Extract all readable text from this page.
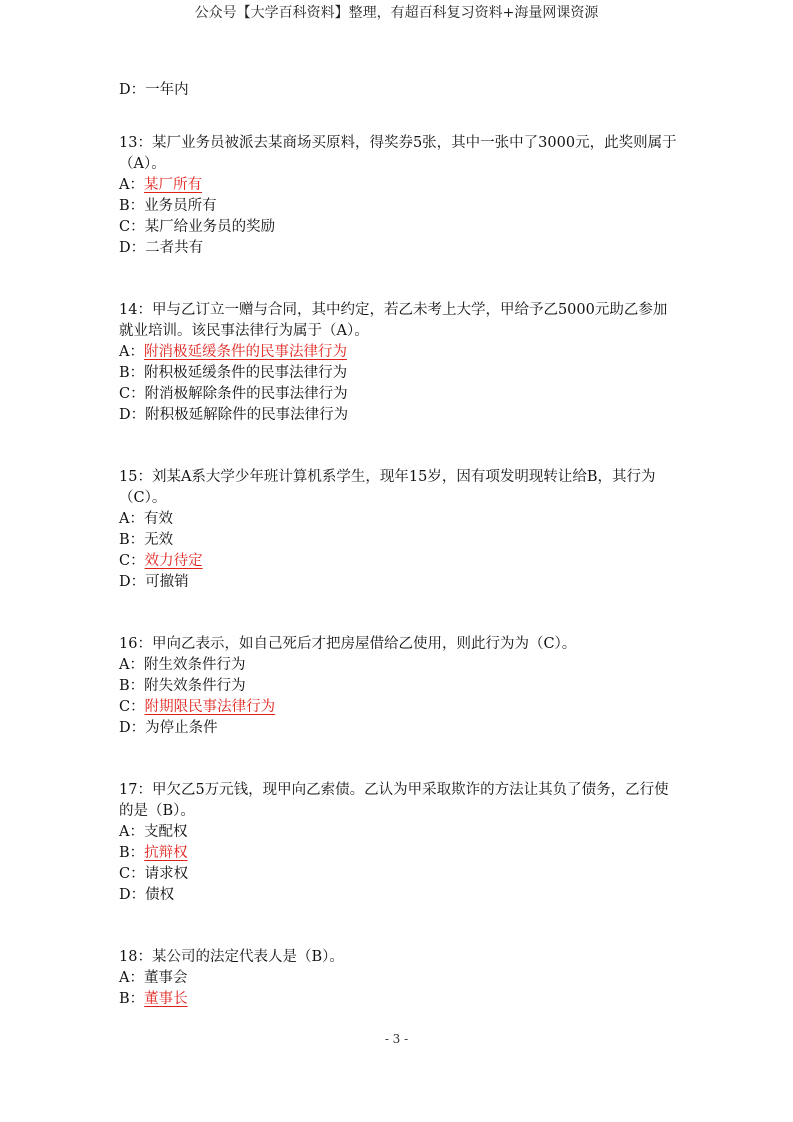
公众号【大学百科资料】整理，有超百科复习资料+海量网课资源
D：一年内
13：某厂业务员被派去某商场买原料，得奖券5张，其中一张中了3000元，此奖则属于（A）。
A：某厂所有
B：业务员所有
C：某厂给业务员的奖励
D：二者共有
14：甲与乙订立一赠与合同，其中约定，若乙未考上大学，甲给予乙5000元助乙参加就业培训。该民事法律行为属于（A）。
A：附消极延缓条件的民事法律行为
B：附积极延缓条件的民事法律行为
C：附消极解除条件的民事法律行为
D：附积极延解除件的民事法律行为
15：刘某A系大学少年班计算机系学生，现年15岁，因有项发明现转让给B，其行为（C）。
A：有效
B：无效
C：效力待定
D：可撤销
16：甲向乙表示，如自己死后才把房屋借给乙使用，则此行为为（C）。
A：附生效条件行为
B：附失效条件行为
C：附期限民事法律行为
D：为停止条件
17：甲欠乙5万元钱，现甲向乙索债。乙认为甲采取欺诈的方法让其负了债务，乙行使的是（B）。
A：支配权
B：抗辩权
C：请求权
D：债权
18：某公司的法定代表人是（B）。
A：董事会
B：董事长
- 3 -
